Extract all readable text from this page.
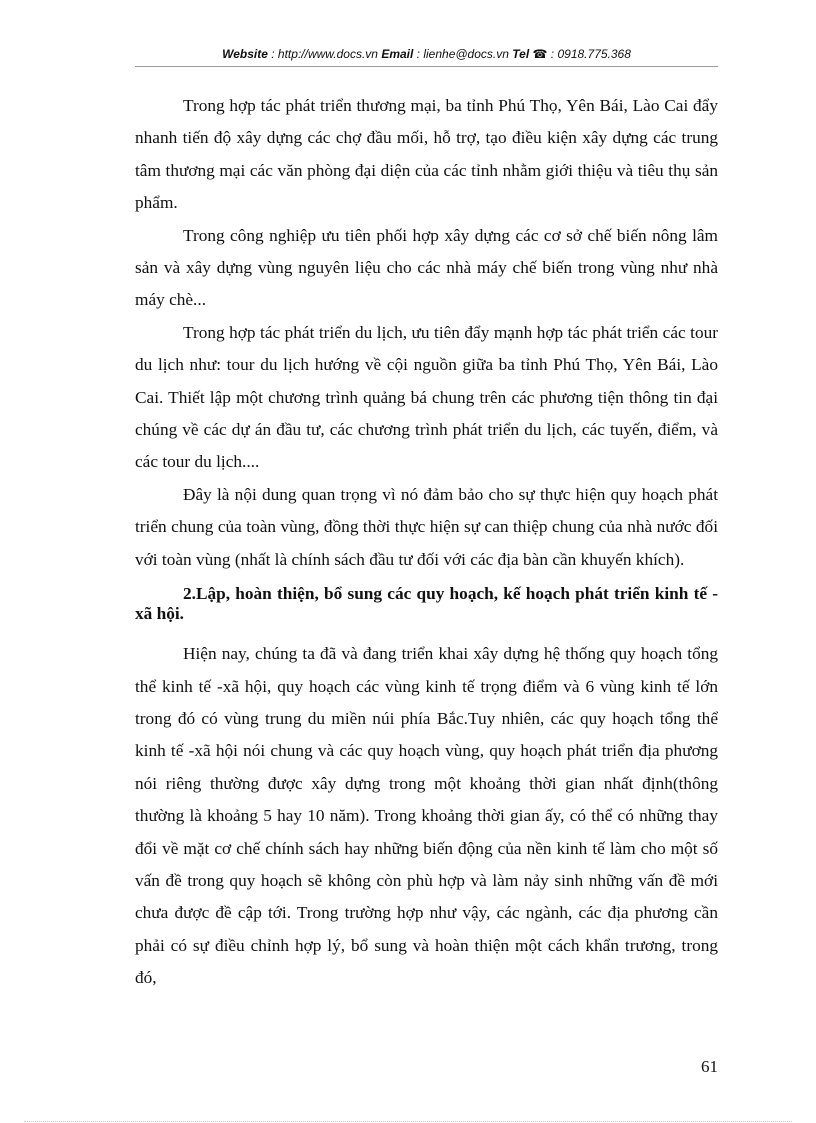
Website : http://www.docs.vn Email : lienhe@docs.vn Tel ☎ : 0918.775.368

Trong hợp tác phát triển thương mại, ba tỉnh Phú Thọ, Yên Bái, Lào Cai đẩy nhanh tiến độ xây dựng các chợ đầu mối, hỗ trợ, tạo điều kiện xây dựng các trung tâm thương mại các văn phòng đại diện của các tỉnh nhằm giới thiệu và tiêu thụ sản phẩm.

Trong công nghiệp ưu tiên phối hợp xây dựng các cơ sở chế biến nông lâm sản và xây dựng vùng nguyên liệu cho các nhà máy chế biến trong vùng như nhà máy chè...

Trong hợp tác phát triển du lịch, ưu tiên đẩy mạnh hợp tác phát triển các tour du lịch như: tour du lịch hướng về cội nguồn giữa ba tỉnh Phú Thọ, Yên Bái, Lào Cai. Thiết lập một chương trình quảng bá chung trên các phương tiện thông tin đại chúng về các dự án đầu tư, các chương trình phát triển du lịch, các tuyến, điểm, và các tour du lịch....

Đây là nội dung quan trọng vì nó đảm bảo cho sự thực hiện quy hoạch phát triển chung của toàn vùng, đồng thời thực hiện sự can thiệp chung của nhà nước đối với toàn vùng (nhất là chính sách đầu tư đối với các địa bàn cần khuyến khích).

2.Lập, hoàn thiện, bổ sung các quy hoạch, kế hoạch phát triển kinh tế - xã hội.

Hiện nay, chúng ta đã và đang triển khai xây dựng hệ thống quy hoạch tổng thể kinh tế -xã hội, quy hoạch các vùng kinh tế trọng điểm và 6 vùng kinh tế lớn trong đó có vùng trung du miền núi phía Bắc.Tuy nhiên, các quy hoạch tổng thể kinh tế -xã hội nói chung và các quy hoạch vùng, quy hoạch phát triển địa phương nói riêng thường được xây dựng trong một khoảng thời gian nhất định(thông thường là khoảng 5 hay 10 năm). Trong khoảng thời gian ấy, có thể có những thay đổi về mặt cơ chế chính sách hay những biến động của nền kinh tế làm cho một số vấn đề trong quy hoạch sẽ không còn phù hợp và làm nảy sinh những vấn đề mới chưa được đề cập tới. Trong trường hợp như vậy, các ngành, các địa phương cần phải có sự điều chỉnh hợp lý, bổ sung và hoàn thiện một cách khẩn trương, trong đó,

61
